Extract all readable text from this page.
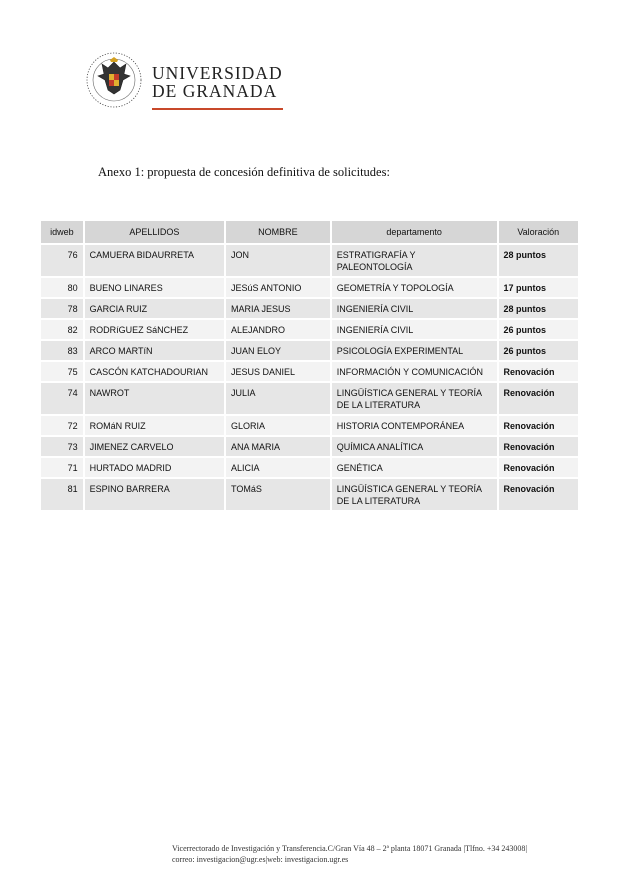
UNIVERSIDAD
DE GRANADA
Anexo 1: propuesta de concesión definitiva de solicitudes:
idweb	APELLIDOS	NOMBRE	departamento	Valoración
76	CAMUERA BIDAURRETA	JON	ESTRATIGRAFÍA Y PALEONTOLOGÍA	28 puntos
80	BUENO LINARES	JESúS ANTONIO	GEOMETRÍA Y TOPOLOGÍA	17 puntos
78	GARCIA RUIZ	MARIA JESUS	INGENIERÍA CIVIL	28 puntos
82	RODRíGUEZ SáNCHEZ	ALEJANDRO	INGENIERÍA CIVIL	26 puntos
83	ARCO MARTíN	JUAN ELOY	PSICOLOGÍA EXPERIMENTAL	26 puntos
75	CASCÓN KATCHADOURIAN	JESUS DANIEL	INFORMACIÓN Y COMUNICACIÓN	Renovación
74	NAWROT	JULIA	LINGÜÍSTICA GENERAL Y TEORÍA DE LA LITERATURA	Renovación
72	ROMáN RUIZ	GLORIA	HISTORIA CONTEMPORÁNEA	Renovación
73	JIMENEZ CARVELO	ANA MARIA	QUÍMICA ANALÍTICA	Renovación
71	HURTADO MADRID	ALICIA	GENÉTICA	Renovación
81	ESPINO BARRERA	TOMáS	LINGÜÍSTICA GENERAL Y TEORÍA DE LA LITERATURA	Renovación
Vicerrectorado de Investigación y Transferencia.C/Gran Vía 48 – 2ª planta 18071 Granada |Tlfno. +34 243008|
correo: investigacion@ugr.es|web: investigacion.ugr.es
